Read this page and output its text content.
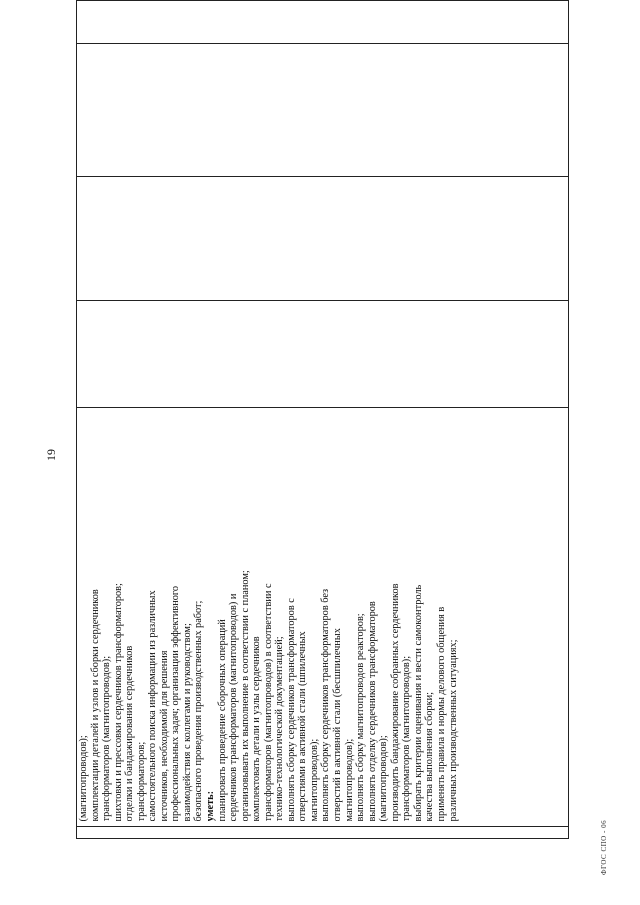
19

(магнитопроводов); комплектации деталей и узлов и сборки сердечников трансформаторов (магнитопроводов); шихтовки и прессовки сердечников трансформаторов; отделки и бандажирования сердечников трансформаторов; самостоятельного поиска информации из различных источников, необходимой для решения профессиональных задач; организации эффективного взаимодействия с коллегами и руководством; безопасного проведения производственных работ; уметь: планировать проведение сборочных операций сердечников трансформаторов (магнитопроводов) и организовывать их выполнение в соответствии с планом; комплектовать детали и узлы сердечников трансформаторов (магнитопроводов) в соответствии с технико-технологической документацией; выполнять сборку сердечников трансформаторов с отверстиями в активной стали (шпилечных магнитопроводов); выполнять сборку сердечников трансформаторов без отверстий в активной стали (бесшпилечных магнитопроводов); выполнять сборку магнитопроводов реакторов; выполнять отделку сердечников трансформаторов (магнитопроводов); производить бандажирование собранных сердечников трансформаторов (магнитопроводов); выбирать критерии оценивания и вести самоконтроль качества выполнения сборки; применять правила и нормы делового общения в различных производственных ситуациях;

ФГОС СПО - 06
